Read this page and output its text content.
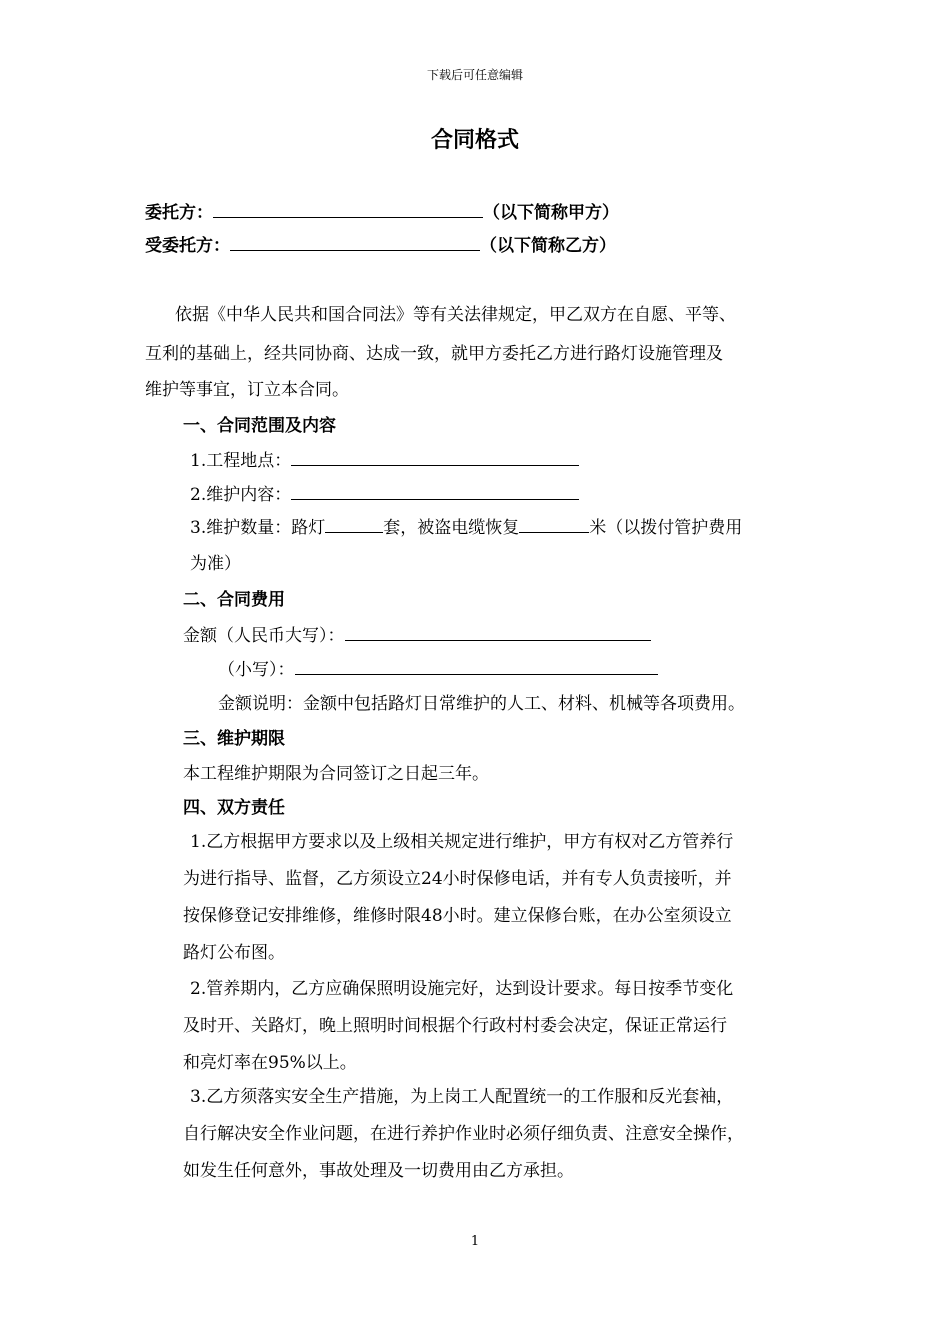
下载后可任意编辑
合同格式
委托方：	（以下简称甲方）
受委托方：	（以下简称乙方）
依据《中华人民共和国合同法》等有关法律规定，甲乙双方在自愿、平等、
互利的基础上，经共同协商、达成一致，就甲方委托乙方进行路灯设施管理及
维护等事宜，订立本合同。
一、合同范围及内容
1.工程地点：
2.维护内容：
3.维护数量：路灯	套，被盗电缆恢复	米（以拨付管护费用
为准）
二、合同费用
金额（人民币大写）：
（小写）：
金额说明：金额中包括路灯日常维护的人工、材料、机械等各项费用。
三、维护期限
本工程维护期限为合同签订之日起三年。
四、双方责任
1.乙方根据甲方要求以及上级相关规定进行维护，甲方有权对乙方管养行
为进行指导、监督，乙方须设立24小时保修电话，并有专人负责接听，并
按保修登记安排维修，维修时限48小时。建立保修台账，在办公室须设立
路灯公布图。
2.管养期内，乙方应确保照明设施完好，达到设计要求。每日按季节变化
及时开、关路灯，晚上照明时间根据个行政村村委会决定，保证正常运行
和亮灯率在95%以上。
3.乙方须落实安全生产措施，为上岗工人配置统一的工作服和反光套袖，
自行解决安全作业问题，在进行养护作业时必须仔细负责、注意安全操作，
如发生任何意外，事故处理及一切费用由乙方承担。
1
